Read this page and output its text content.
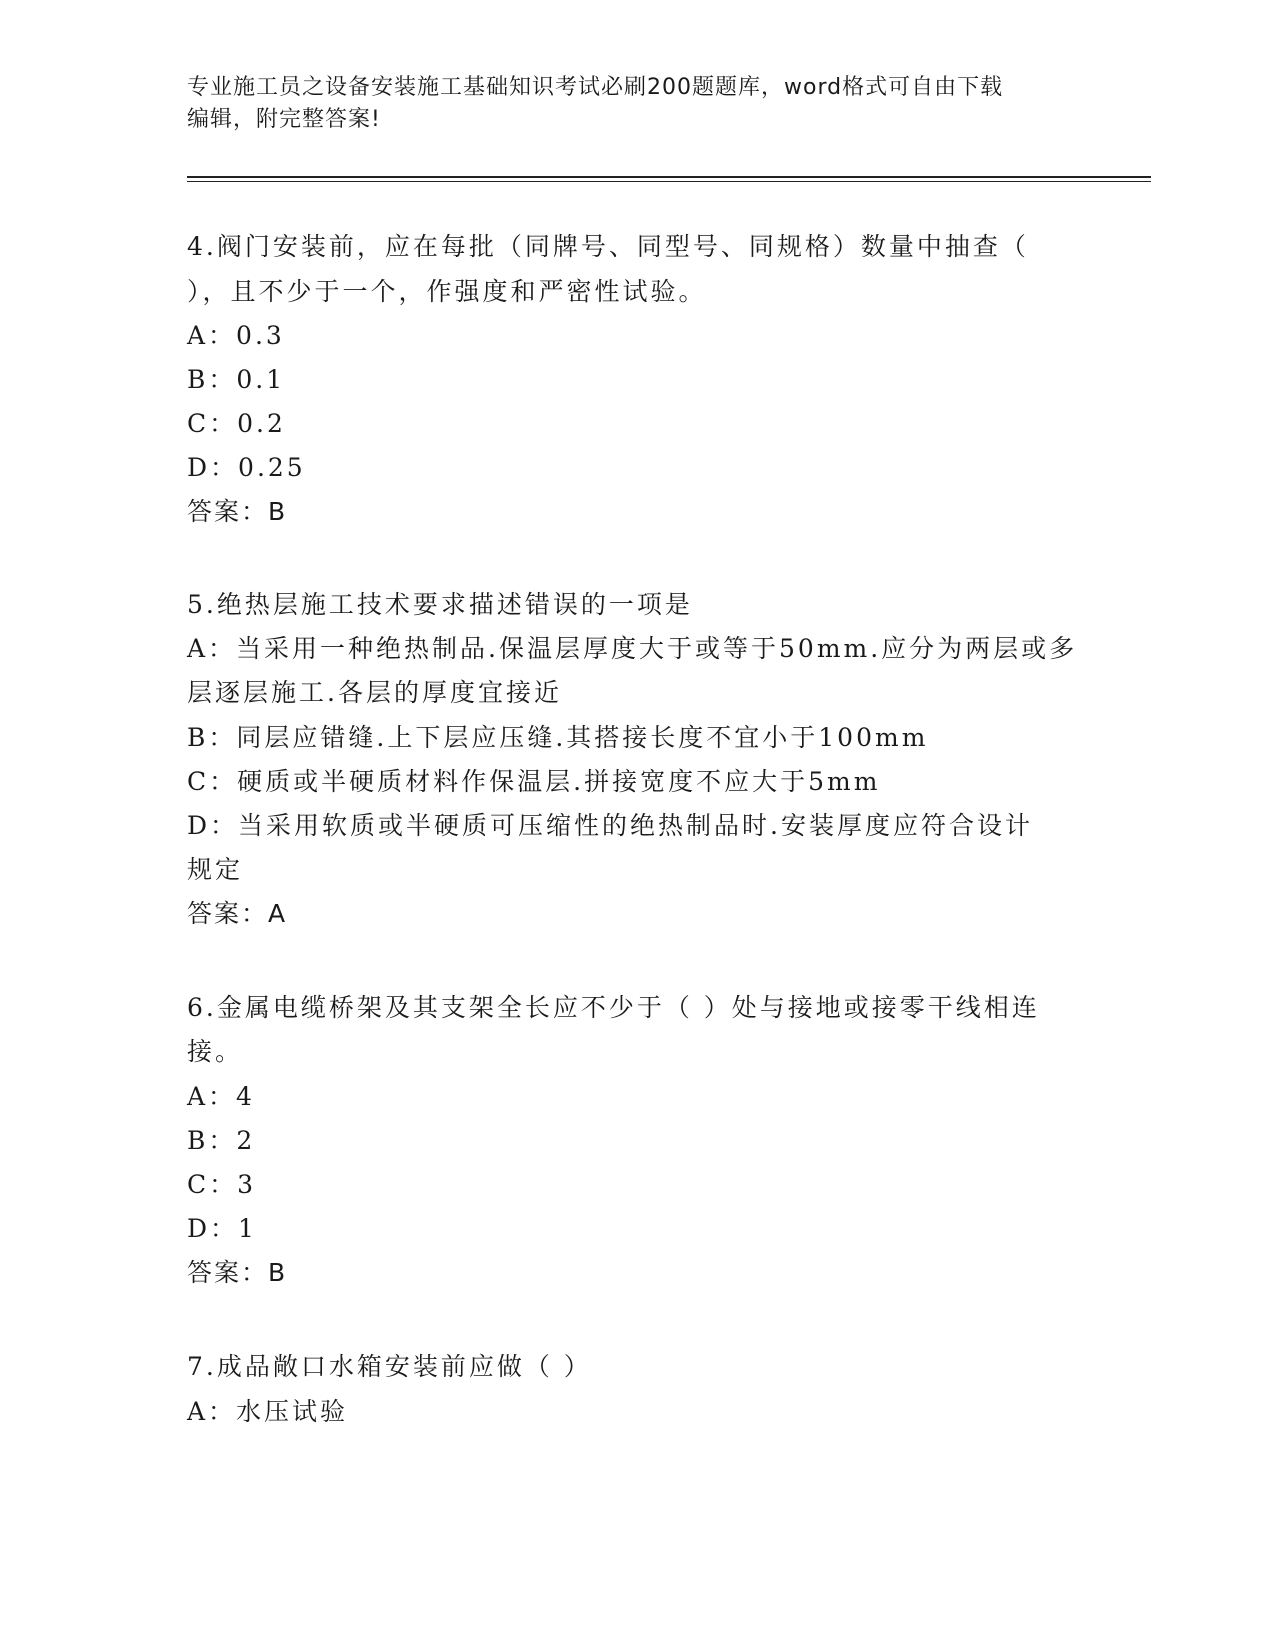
专业施工员之设备安装施工基础知识考试必刷200题题库，word格式可自由下载
编辑，附完整答案!
4.阀门安装前，应在每批（同牌号、同型号、同规格）数量中抽查（
），且不少于一个，作强度和严密性试验。
A：0.3
B：0.1
C：0.2
D：0.25
答案：B
5.绝热层施工技术要求描述错误的一项是
A：当采用一种绝热制品.保温层厚度大于或等于50mm.应分为两层或多
层逐层施工.各层的厚度宜接近
B：同层应错缝.上下层应压缝.其搭接长度不宜小于100mm
C：硬质或半硬质材料作保温层.拼接宽度不应大于5mm
D：当采用软质或半硬质可压缩性的绝热制品时.安装厚度应符合设计
规定
答案：A
6.金属电缆桥架及其支架全长应不少于（ ）处与接地或接零干线相连
接。
A：4
B：2
C：3
D：1
答案：B
7.成品敞口水箱安装前应做（ ）
A：水压试验
